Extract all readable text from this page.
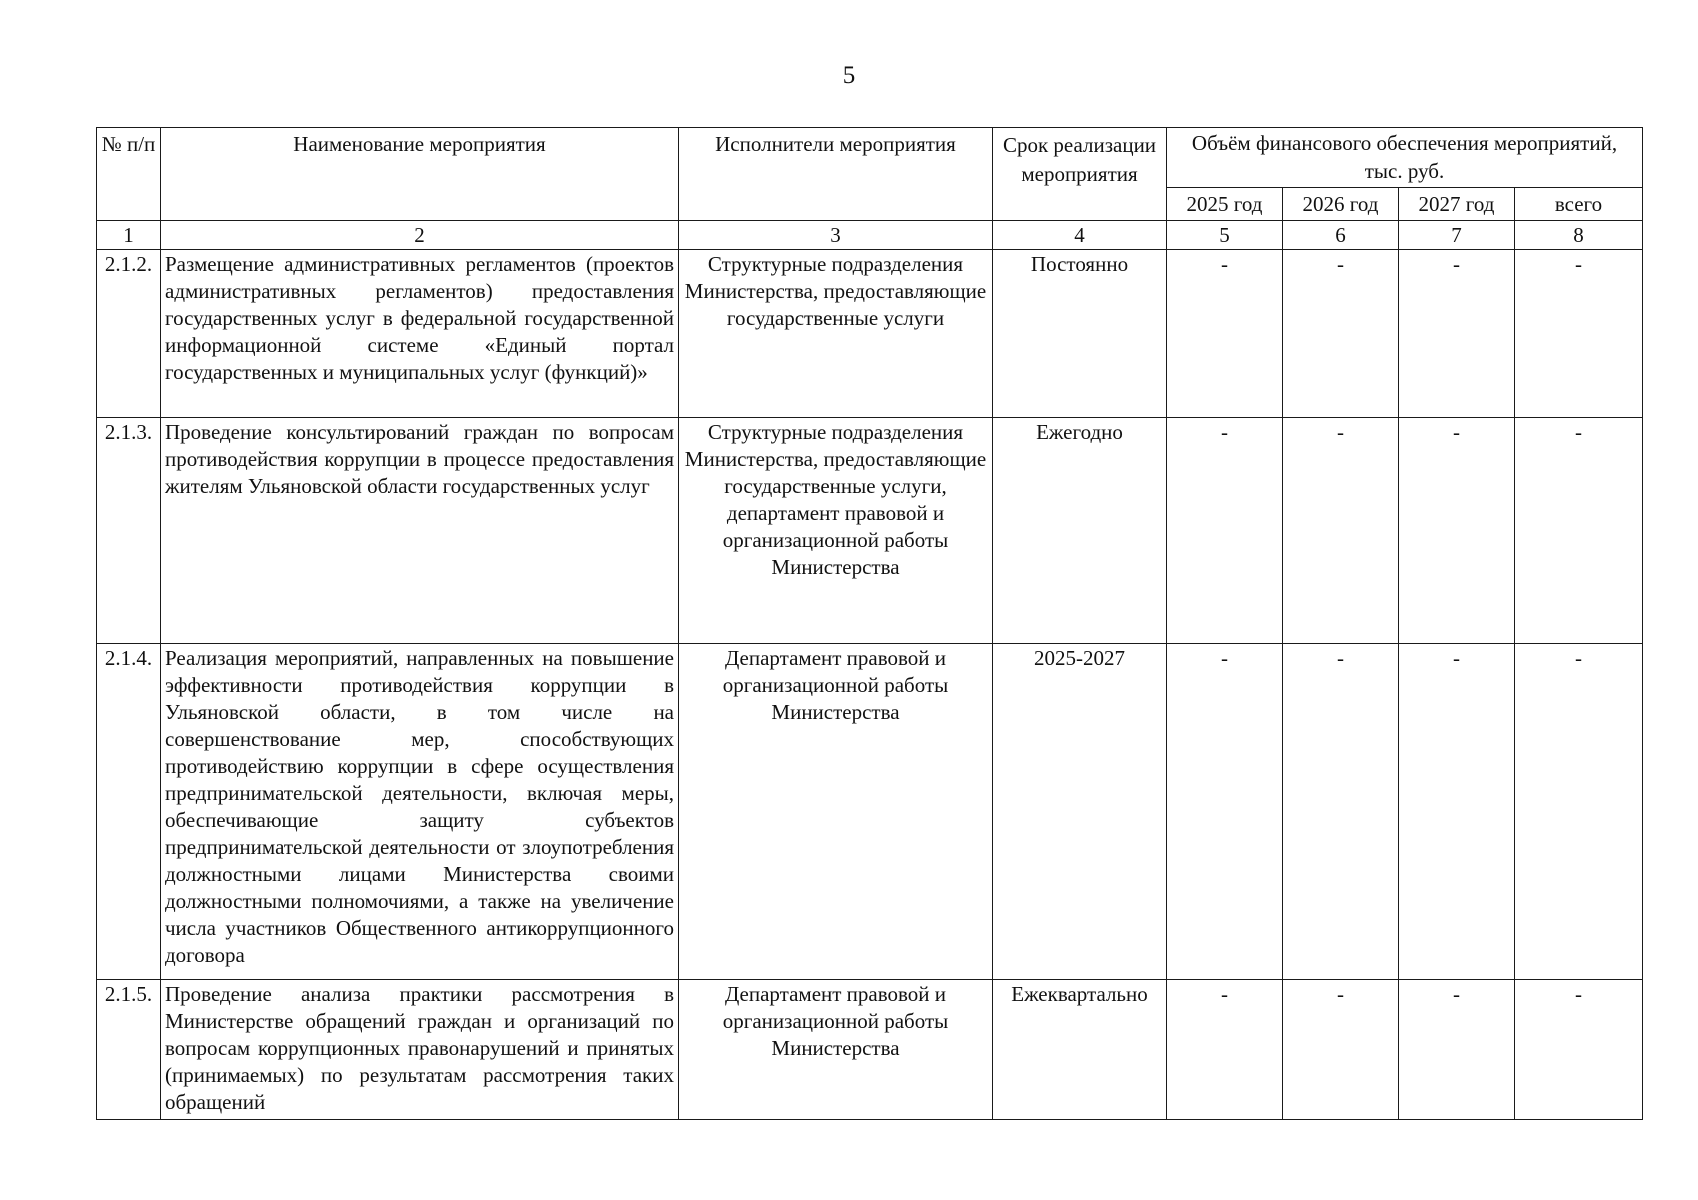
5
№ п/п	Наименование мероприятия	Исполнители мероприятия	Срок реализации мероприятия	Объём финансового обеспечения мероприятий, тыс. руб.			
				2025 год	2026 год	2027 год	всего
1	2	3	4	5	6	7	8
2.1.2.	Размещение административных регламентов (проектов административных регламентов) предоставления государственных услуг в федеральной государственной информационной системе «Единый портал государственных и муниципальных услуг (функций)»	Структурные подразделения Министерства, предоставляющие государственные услуги	Постоянно	-	-	-	-
2.1.3.	Проведение консультирований граждан по вопросам противодействия коррупции в процессе предоставления жителям Ульяновской области государственных услуг	Структурные подразделения Министерства, предоставляющие государственные услуги, департамент правовой и организационной работы Министерства	Ежегодно	-	-	-	-
2.1.4.	Реализация мероприятий, направленных на повышение эффективности противодействия коррупции в Ульяновской области, в том числе на совершенствование мер, способствующих противодействию коррупции в сфере осуществления предпринимательской деятельности, включая меры, обеспечивающие защиту субъектов предпринимательской деятельности от злоупотребления должностными лицами Министерства своими должностными полномочиями, а также на увеличение числа участников Общественного антикоррупционного договора	Департамент правовой и организационной работы Министерства	2025-2027	-	-	-	-
2.1.5.	Проведение анализа практики рассмотрения в Министерстве обращений граждан и организаций по вопросам коррупционных правонарушений и принятых (принимаемых) по результатам рассмотрения таких обращений	Департамент правовой и организационной работы Министерства	Ежеквартально	-	-	-	-
